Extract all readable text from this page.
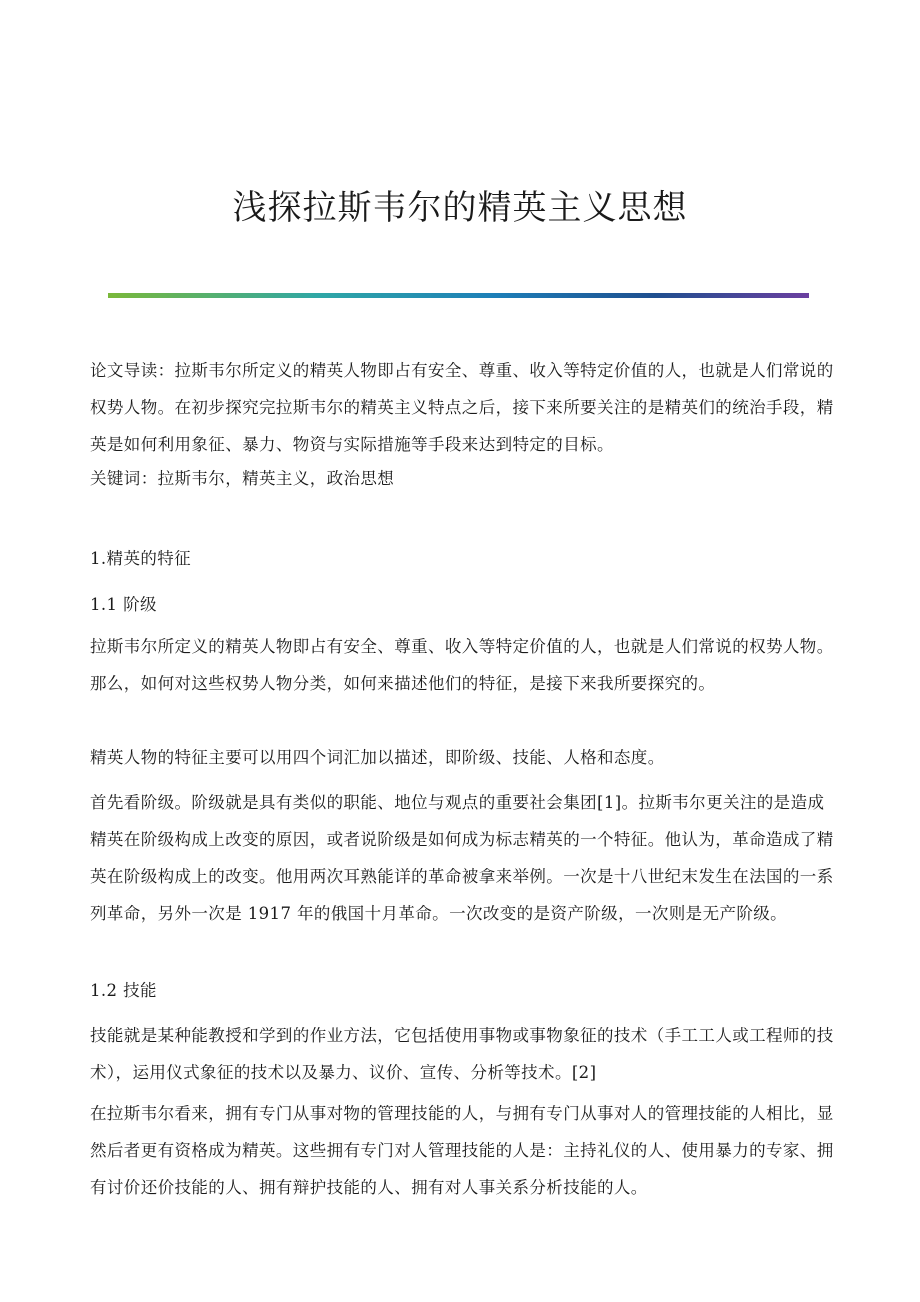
浅探拉斯韦尔的精英主义思想

论文导读：拉斯韦尔所定义的精英人物即占有安全、尊重、收入等特定价值的人，也就是人们常说的权势人物。在初步探究完拉斯韦尔的精英主义特点之后，接下来所要关注的是精英们的统治手段，精英是如何利用象征、暴力、物资与实际措施等手段来达到特定的目标。

关键词：拉斯韦尔，精英主义，政治思想

1.精英的特征

1.1 阶级

拉斯韦尔所定义的精英人物即占有安全、尊重、收入等特定价值的人，也就是人们常说的权势人物。那么，如何对这些权势人物分类，如何来描述他们的特征，是接下来我所要探究的。

精英人物的特征主要可以用四个词汇加以描述，即阶级、技能、人格和态度。

首先看阶级。阶级就是具有类似的职能、地位与观点的重要社会集团[1]。拉斯韦尔更关注的是造成精英在阶级构成上改变的原因，或者说阶级是如何成为标志精英的一个特征。他认为，革命造成了精英在阶级构成上的改变。他用两次耳熟能详的革命被拿来举例。一次是十八世纪末发生在法国的一系列革命，另外一次是 1917 年的俄国十月革命。一次改变的是资产阶级，一次则是无产阶级。

1.2 技能

技能就是某种能教授和学到的作业方法，它包括使用事物或事物象征的技术（手工工人或工程师的技术），运用仪式象征的技术以及暴力、议价、宣传、分析等技术。[2]

在拉斯韦尔看来，拥有专门从事对物的管理技能的人，与拥有专门从事对人的管理技能的人相比，显然后者更有资格成为精英。这些拥有专门对人管理技能的人是：主持礼仪的人、使用暴力的专家、拥有讨价还价技能的人、拥有辩护技能的人、拥有对人事关系分析技能的人。
